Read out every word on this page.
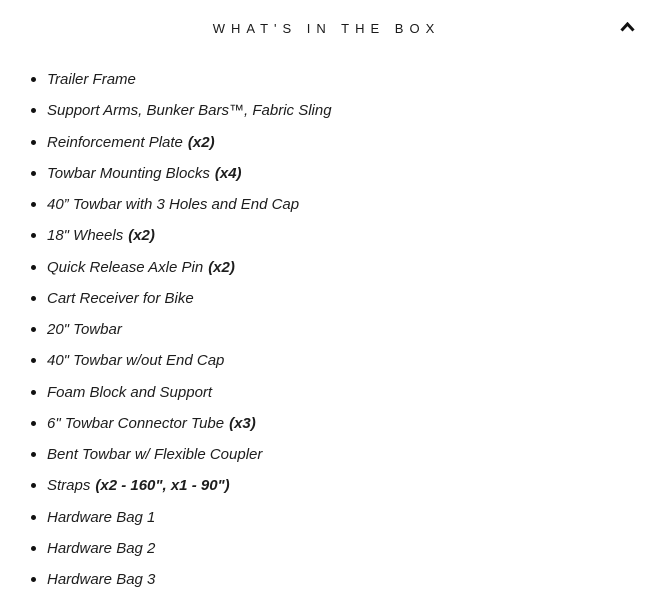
WHAT'S IN THE BOX
Trailer Frame
Support Arms, Bunker Bars™, Fabric Sling
Reinforcement Plate (x2)
Towbar Mounting Blocks (x4)
40” Towbar with 3 Holes and End Cap
18" Wheels (x2)
Quick Release Axle Pin (x2)
Cart Receiver for Bike
20" Towbar
40" Towbar w/out End Cap
Foam Block and Support
6" Towbar Connector Tube (x3)
Bent Towbar w/ Flexible Coupler
Straps (x2 - 160", x1 - 90")
Hardware Bag 1
Hardware Bag 2
Hardware Bag 3
